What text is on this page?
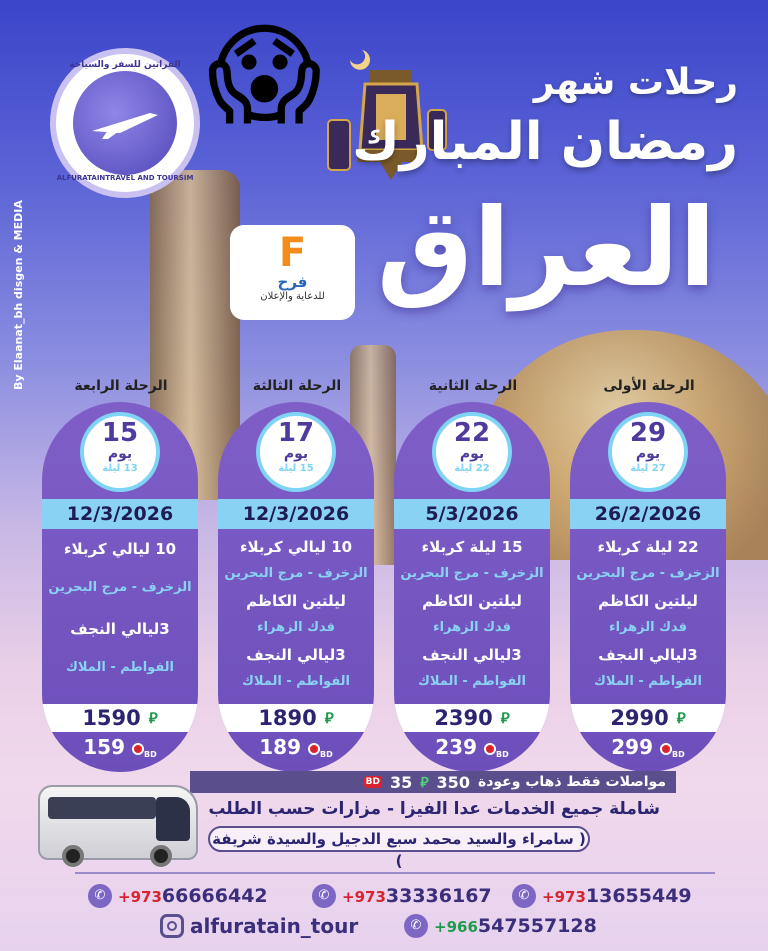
الفراتين للسفر والسياحة
ALFURATAINTRAVEL AND TOURSIM
😱
By Elaanat_bh disgen & MEDIA
رحلات شهر
رمضان المبارك
العراق
F
فرح
للدعاية والإعلان
الرحلة الرابعة
15
يوم
13 ليلة
12/3/2026
10 ليالي كربلاء
الزخرف - مرج البحرين
3ليالي النجف
الفواطم - الملاك
1590 ⃁
159 BD
الرحلة الثالثة
17
يوم
15 ليلة
12/3/2026
10 ليالي كربلاء
الزخرف - مرج البحرين
ليلتين الكاظم
فدك الزهراء
3ليالي النجف
الفواطم - الملاك
1890 ⃁
189 BD
الرحلة الثانية
22
يوم
22 ليلة
5/3/2026
15 ليلة كربلاء
الزخرف - مرج البحرين
ليلتين الكاظم
فدك الزهراء
3ليالي النجف
الفواطم - الملاك
2390 ⃁
239 BD
الرحلة الأولى
29
يوم
27 ليلة
26/2/2026
22 ليلة كربلاء
الزخرف - مرج البحرين
ليلتين الكاظم
فدك الزهراء
3ليالي النجف
الفواطم - الملاك
2990 ⃁
299 BD
BD 35 ⃁ 350 مواصلات فقط ذهاب وعودة
شاملة جميع الخدمات عدا الفيزا - مزارات حسب الطلب
( سامراء والسيد محمد سبع الدجيل والسيدة شريفة )
✆ +97366666442	✆ +97333336167	✆ +97313655449
alfuratain_tour	✆ +966547557128
